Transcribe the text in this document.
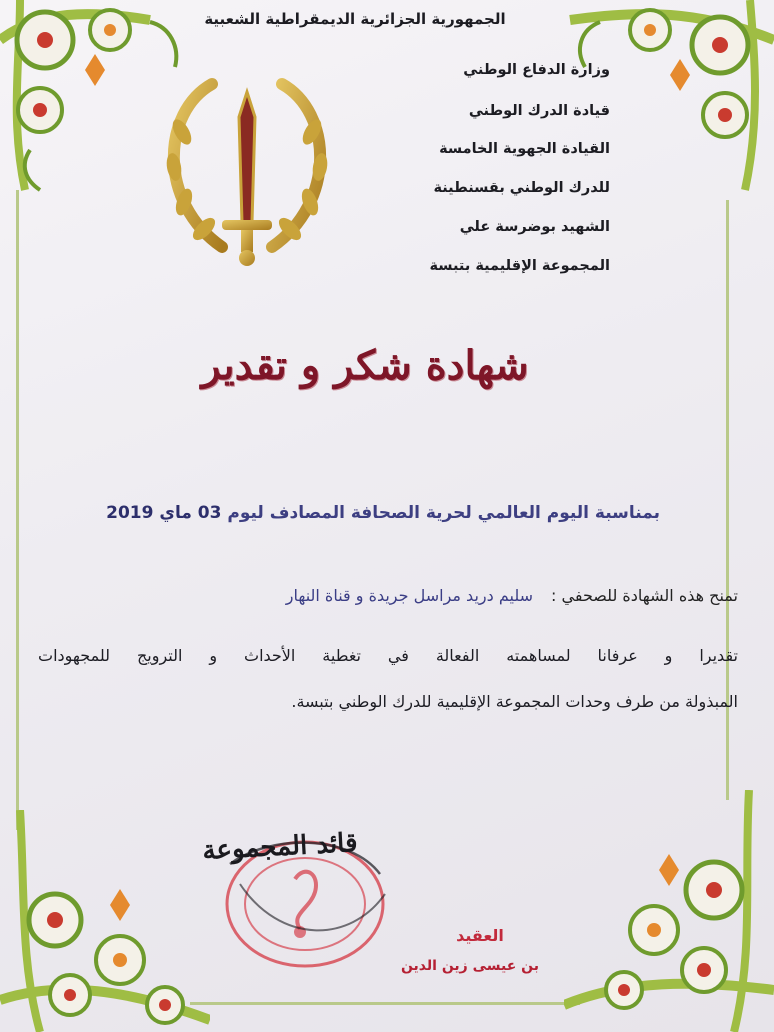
الجمهورية الجزائرية الديمقراطية الشعبية
وزارة الدفاع الوطني
قيادة الدرك الوطني
القيادة الجهوية الخامسة
للدرك الوطني بقسنطينة
الشهيد بوضرسة علي
المجموعة الإقليمية بتبسة
شهادة شكر و تقدير
بمناسبة اليوم العالمي لحرية الصحافة المصادف ليوم 03 ماي 2019
تمنح هذه الشهادة للصحفي :
سليم دريد مراسل جريدة و قناة النهار
تقديرا و عرفانا لمساهمته الفعالة في تغطية الأحداث و الترويج للمجهودات
المبذولة من طرف وحدات المجموعة الإقليمية للدرك الوطني بتبسة.
قائد المجموعة
العقيد
بن عيسى زين الدين
